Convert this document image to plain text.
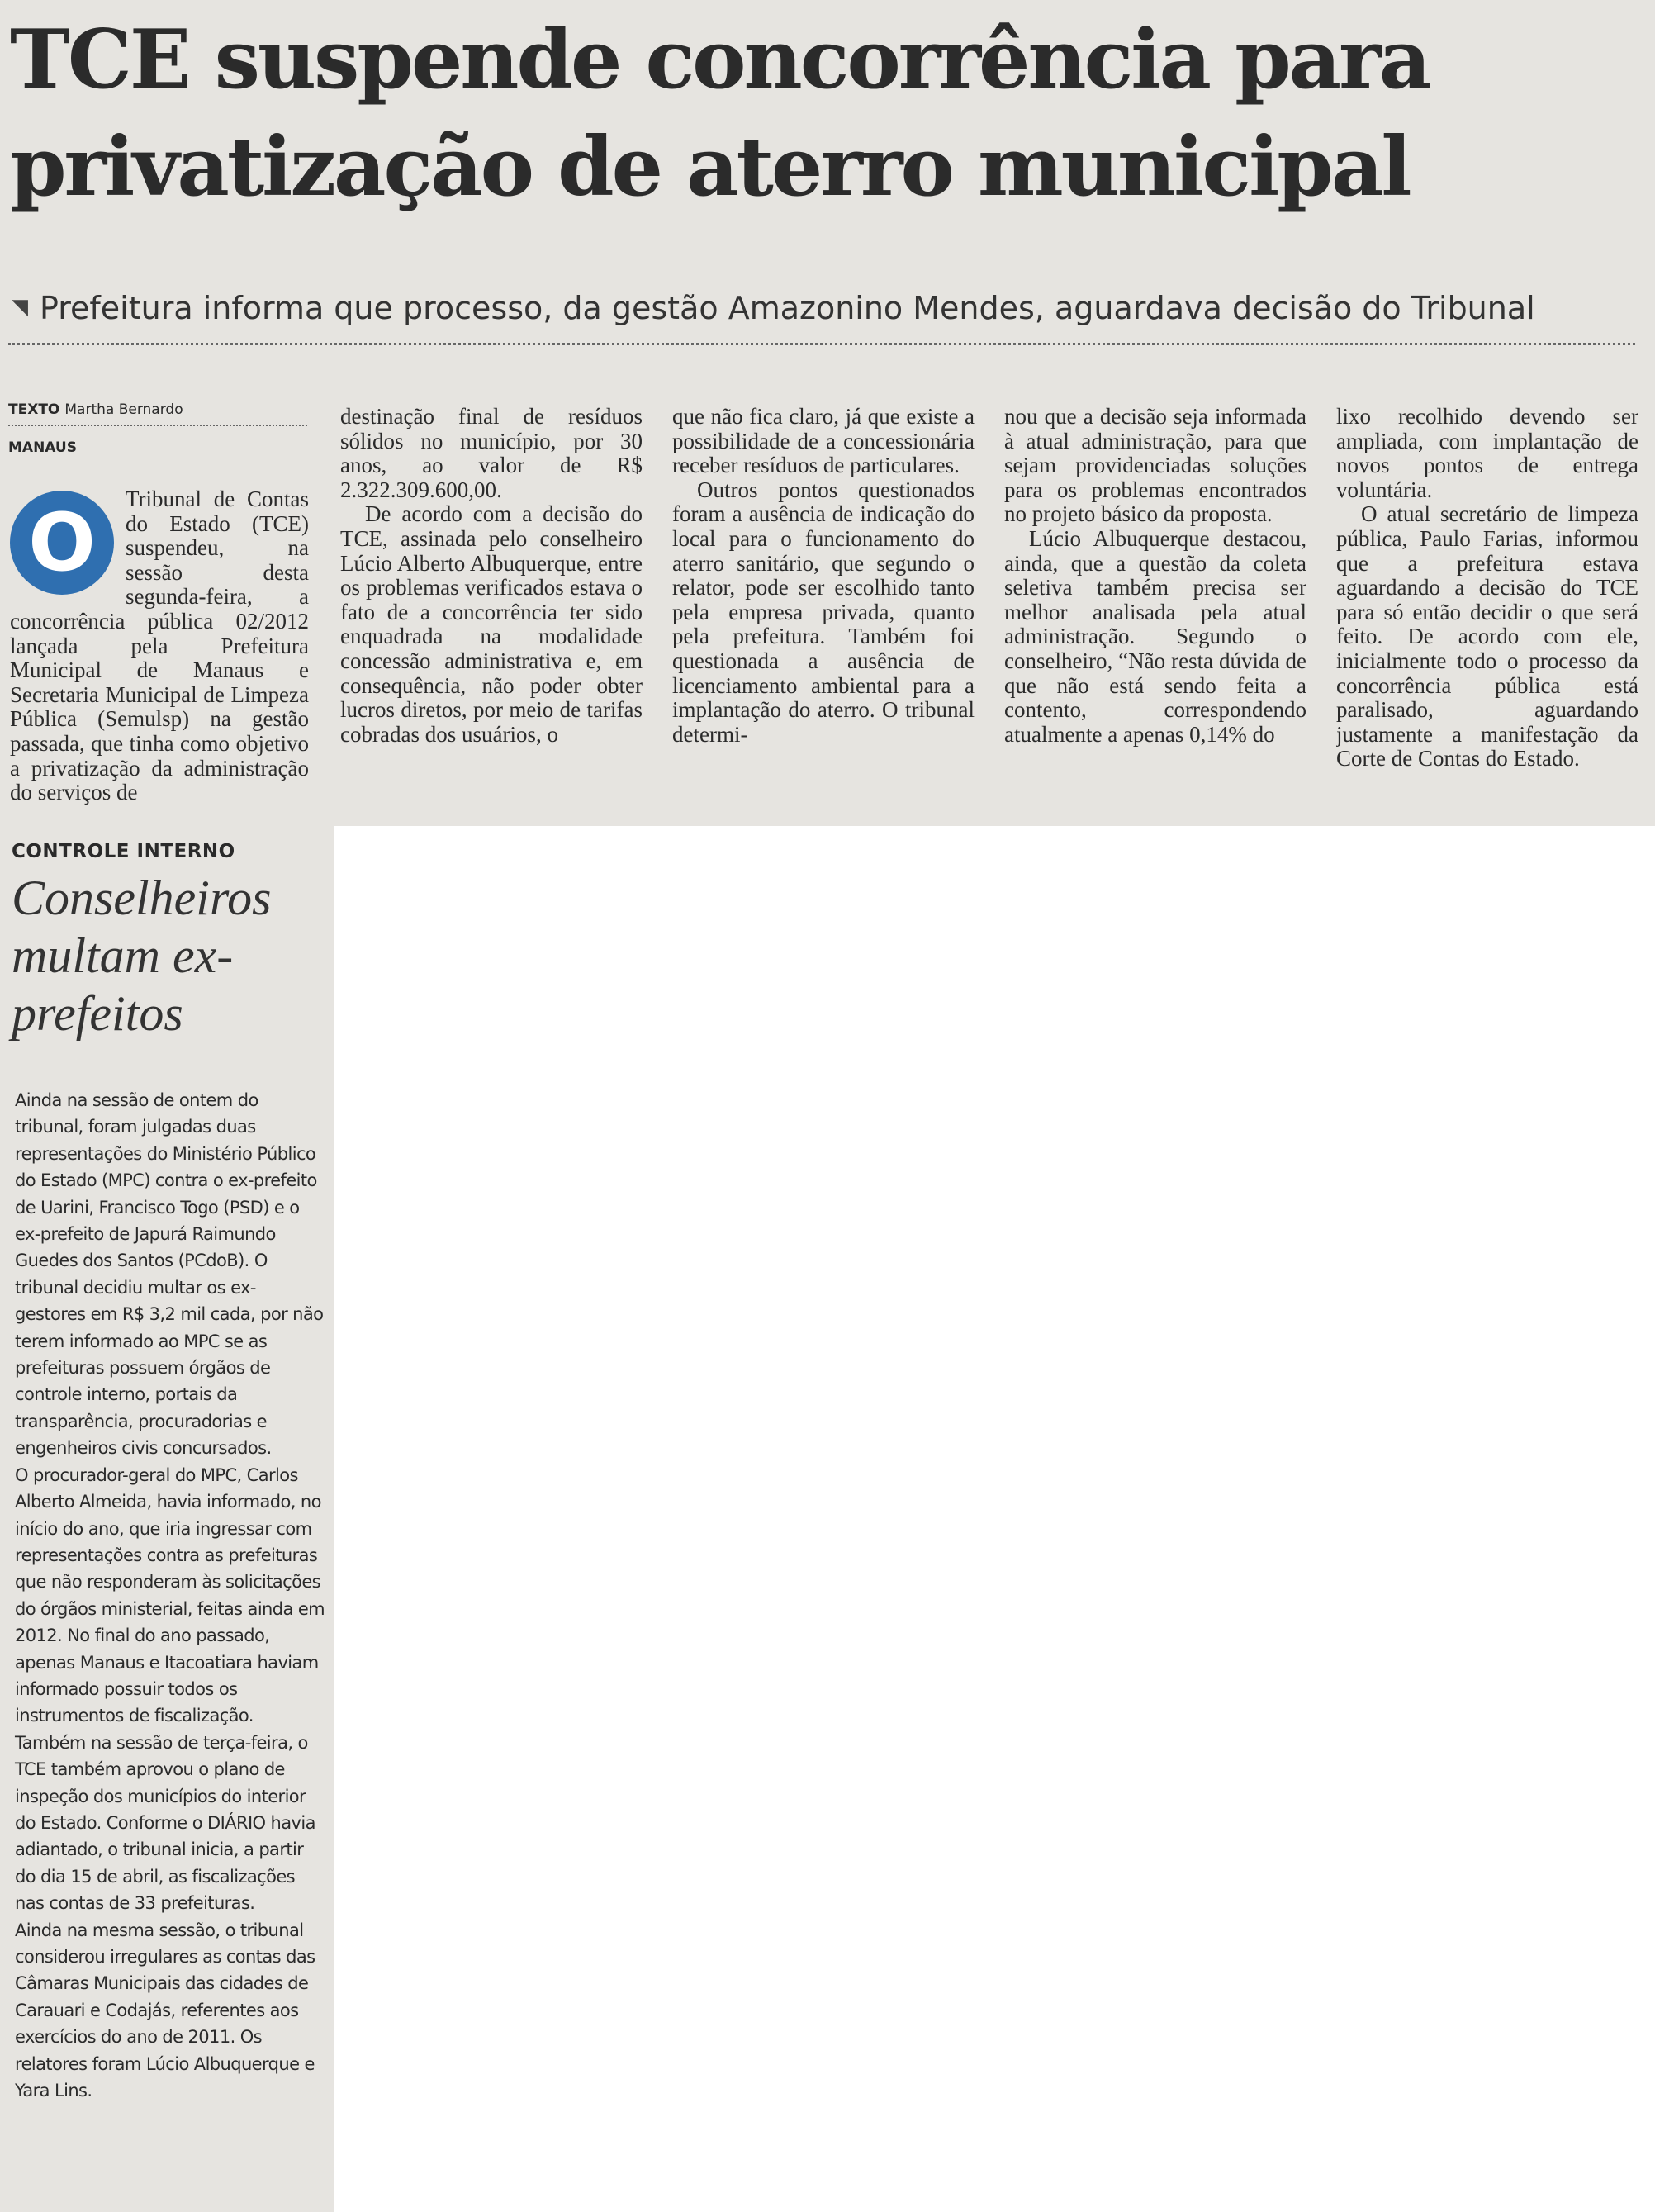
TCE suspende concorrência para privatização de aterro municipal
◥ Prefeitura informa que processo, da gestão Amazonino Mendes, aguardava decisão do Tribunal
TEXTO Martha Bernardo
MANAUS
O	Tribunal de Contas do Estado (TCE) suspendeu, na sessão desta segunda-feira, a concorrência pública 02/2012 lançada pela Prefeitura Municipal de Manaus e Secretaria Municipal de Limpeza Pública (Semulsp) na gestão passada, que tinha como objetivo a privatização da administração do serviços de

destinação final de resíduos sólidos no município, por 30 anos, ao valor de R$ 2.322.309.600,00.

De acordo com a decisão do TCE, assinada pelo conselheiro Lúcio Alberto Albuquerque, entre os problemas verificados estava o fato de a concorrência ter sido enquadrada na modalidade concessão administrativa e, em consequência, não poder obter lucros diretos, por meio de tarifas cobradas dos usuários, o

que não fica claro, já que existe a possibilidade de a concessionária receber resíduos de particulares.

Outros pontos questionados foram a ausência de indicação do local para o funcionamento do aterro sanitário, que segundo o relator, pode ser escolhido tanto pela empresa privada, quanto pela prefeitura. Também foi questionada a ausência de licenciamento ambiental para a implantação do aterro. O tribunal determi-

nou que a decisão seja informada à atual administração, para que sejam providenciadas soluções para os problemas encontrados no projeto básico da proposta.

Lúcio Albuquerque destacou, ainda, que a questão da coleta seletiva também precisa ser melhor analisada pela atual administração. Segundo o conselheiro, “Não resta dúvida de que não está sendo feita a contento, correspondendo atualmente a apenas 0,14% do

lixo recolhido devendo ser ampliada, com implantação de novos pontos de entrega voluntária.

O atual secretário de limpeza pública, Paulo Farias, informou que a prefeitura estava aguardando a decisão do TCE para só então decidir o que será feito. De acordo com ele, inicialmente todo o processo da concorrência pública está paralisado, aguardando justamente a manifestação da Corte de Contas do Estado.

CONTROLE INTERNO
Conselheiros multam ex-prefeitos

Ainda na sessão de ontem do tribunal, foram julgadas duas representações do Ministério Público do Estado (MPC) contra o ex-prefeito de Uarini, Francisco Togo (PSD) e o ex-prefeito de Japurá Raimundo Guedes dos Santos (PCdoB). O tribunal decidiu multar os ex-gestores em R$ 3,2 mil cada, por não terem informado ao MPC se as prefeituras possuem órgãos de controle interno, portais da transparência, procuradorias e engenheiros civis concursados.

O procurador-geral do MPC, Carlos Alberto Almeida, havia informado, no início do ano, que iria ingressar com representações contra as prefeituras que não responderam às solicitações do órgãos ministerial, feitas ainda em 2012. No final do ano passado, apenas Manaus e Itacoatiara haviam informado possuir todos os instrumentos de fiscalização.

Também na sessão de terça-feira, o TCE também aprovou o plano de inspeção dos municípios do interior do Estado. Conforme o DIÁRIO havia adiantado, o tribunal inicia, a partir do dia 15 de abril, as fiscalizações nas contas de 33 prefeituras.

Ainda na mesma sessão, o tribunal considerou irregulares as contas das Câmaras Municipais das cidades de Carauari e Codajás, referentes aos exercícios do ano de 2011. Os relatores foram Lúcio Albuquerque e Yara Lins.
